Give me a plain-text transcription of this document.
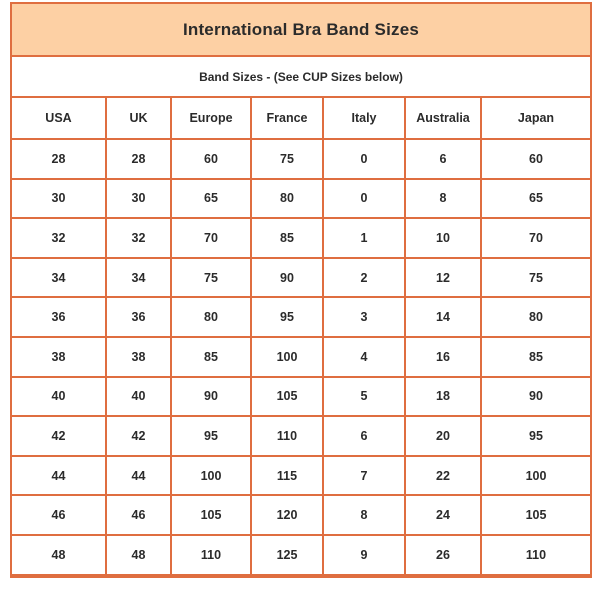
International Bra Band Sizes						
Band Sizes - (See CUP Sizes below)						
USA	UK	Europe	France	Italy	Australia	Japan
28	28	60	75	0	6	60
30	30	65	80	0	8	65
32	32	70	85	1	10	70
34	34	75	90	2	12	75
36	36	80	95	3	14	80
38	38	85	100	4	16	85
40	40	90	105	5	18	90
42	42	95	110	6	20	95
44	44	100	115	7	22	100
46	46	105	120	8	24	105
48	48	110	125	9	26	110
